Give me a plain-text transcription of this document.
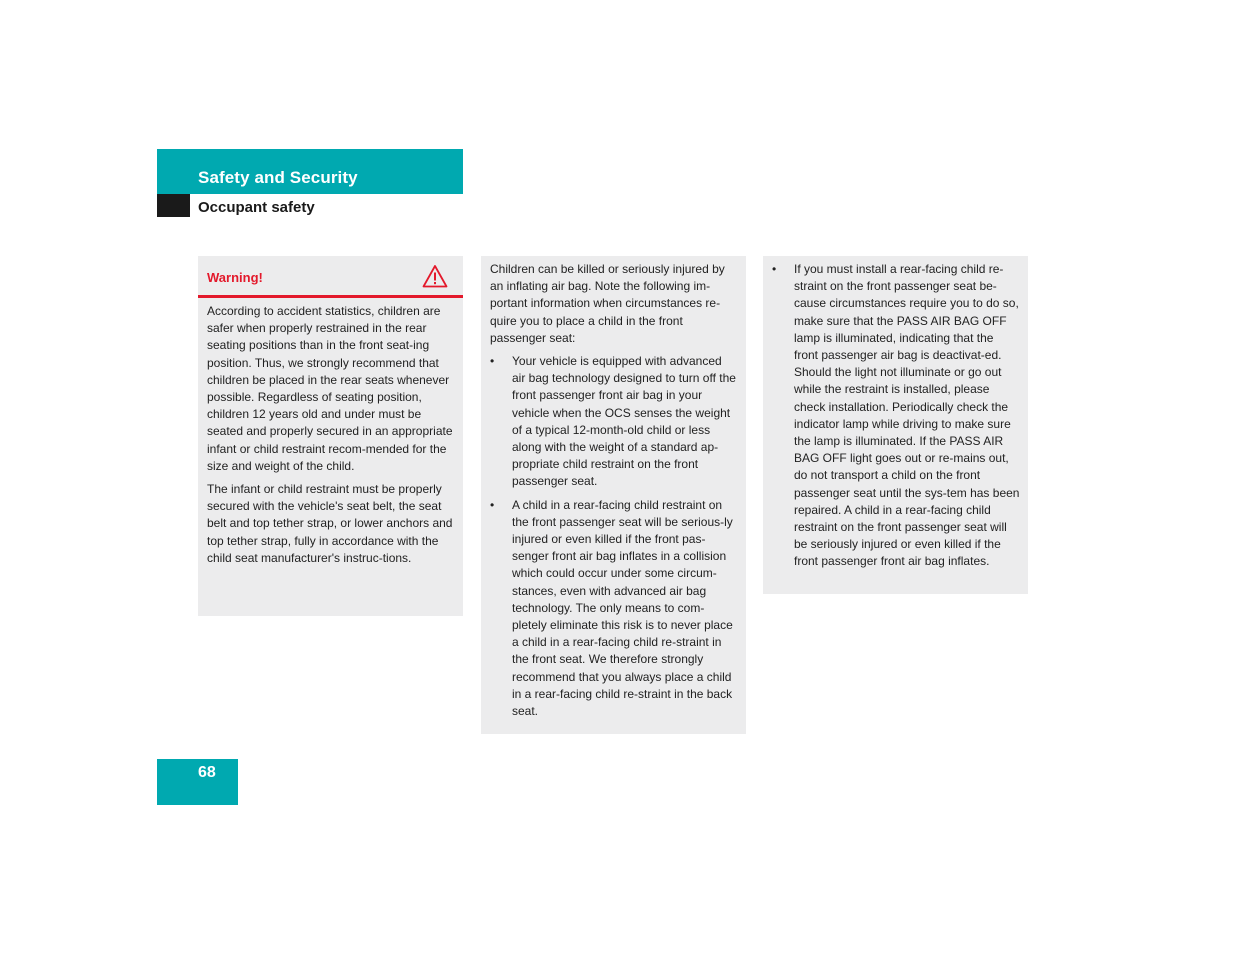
Safety and Security
Occupant safety
Warning!

According to accident statistics, children are safer when properly restrained in the rear seating positions than in the front seat-ing position. Thus, we strongly recommend that children be placed in the rear seats whenever possible. Regardless of seating position, children 12 years old and under must be seated and properly secured in an appropriate infant or child restraint recom-mended for the size and weight of the child.

The infant or child restraint must be properly secured with the vehicle's seat belt, the seat belt and top tether strap, or lower anchors and top tether strap, fully in accordance with the child seat manufacturer's instruc-tions.

Children can be killed or seriously injured by an inflating air bag. Note the following im-portant information when circumstances re-quire you to place a child in the front passenger seat:

• Your vehicle is equipped with advanced air bag technology designed to turn off the front passenger front air bag in your vehicle when the OCS senses the weight of a typical 12-month-old child or less along with the weight of a standard ap-propriate child restraint on the front passenger seat.
• A child in a rear-facing child restraint on the front passenger seat will be serious-ly injured or even killed if the front pas-senger front air bag inflates in a collision which could occur under some circum-stances, even with advanced air bag technology. The only means to com-pletely eliminate this risk is to never place a child in a rear-facing child re-straint in the front seat. We therefore strongly recommend that you always place a child in a rear-facing child re-straint in the back seat.
• If you must install a rear-facing child re-straint on the front passenger seat be-cause circumstances require you to do so, make sure that the PASS AIR BAG OFF lamp is illuminated, indicating that the front passenger air bag is deactivat-ed. Should the light not illuminate or go out while the restraint is installed, please check installation. Periodically check the indicator lamp while driving to make sure the lamp is illuminated. If the PASS AIR BAG OFF light goes out or re-mains out, do not transport a child on the front passenger seat until the sys-tem has been repaired. A child in a rear-facing child restraint on the front passenger seat will be seriously injured or even killed if the front passenger front air bag inflates.
68
